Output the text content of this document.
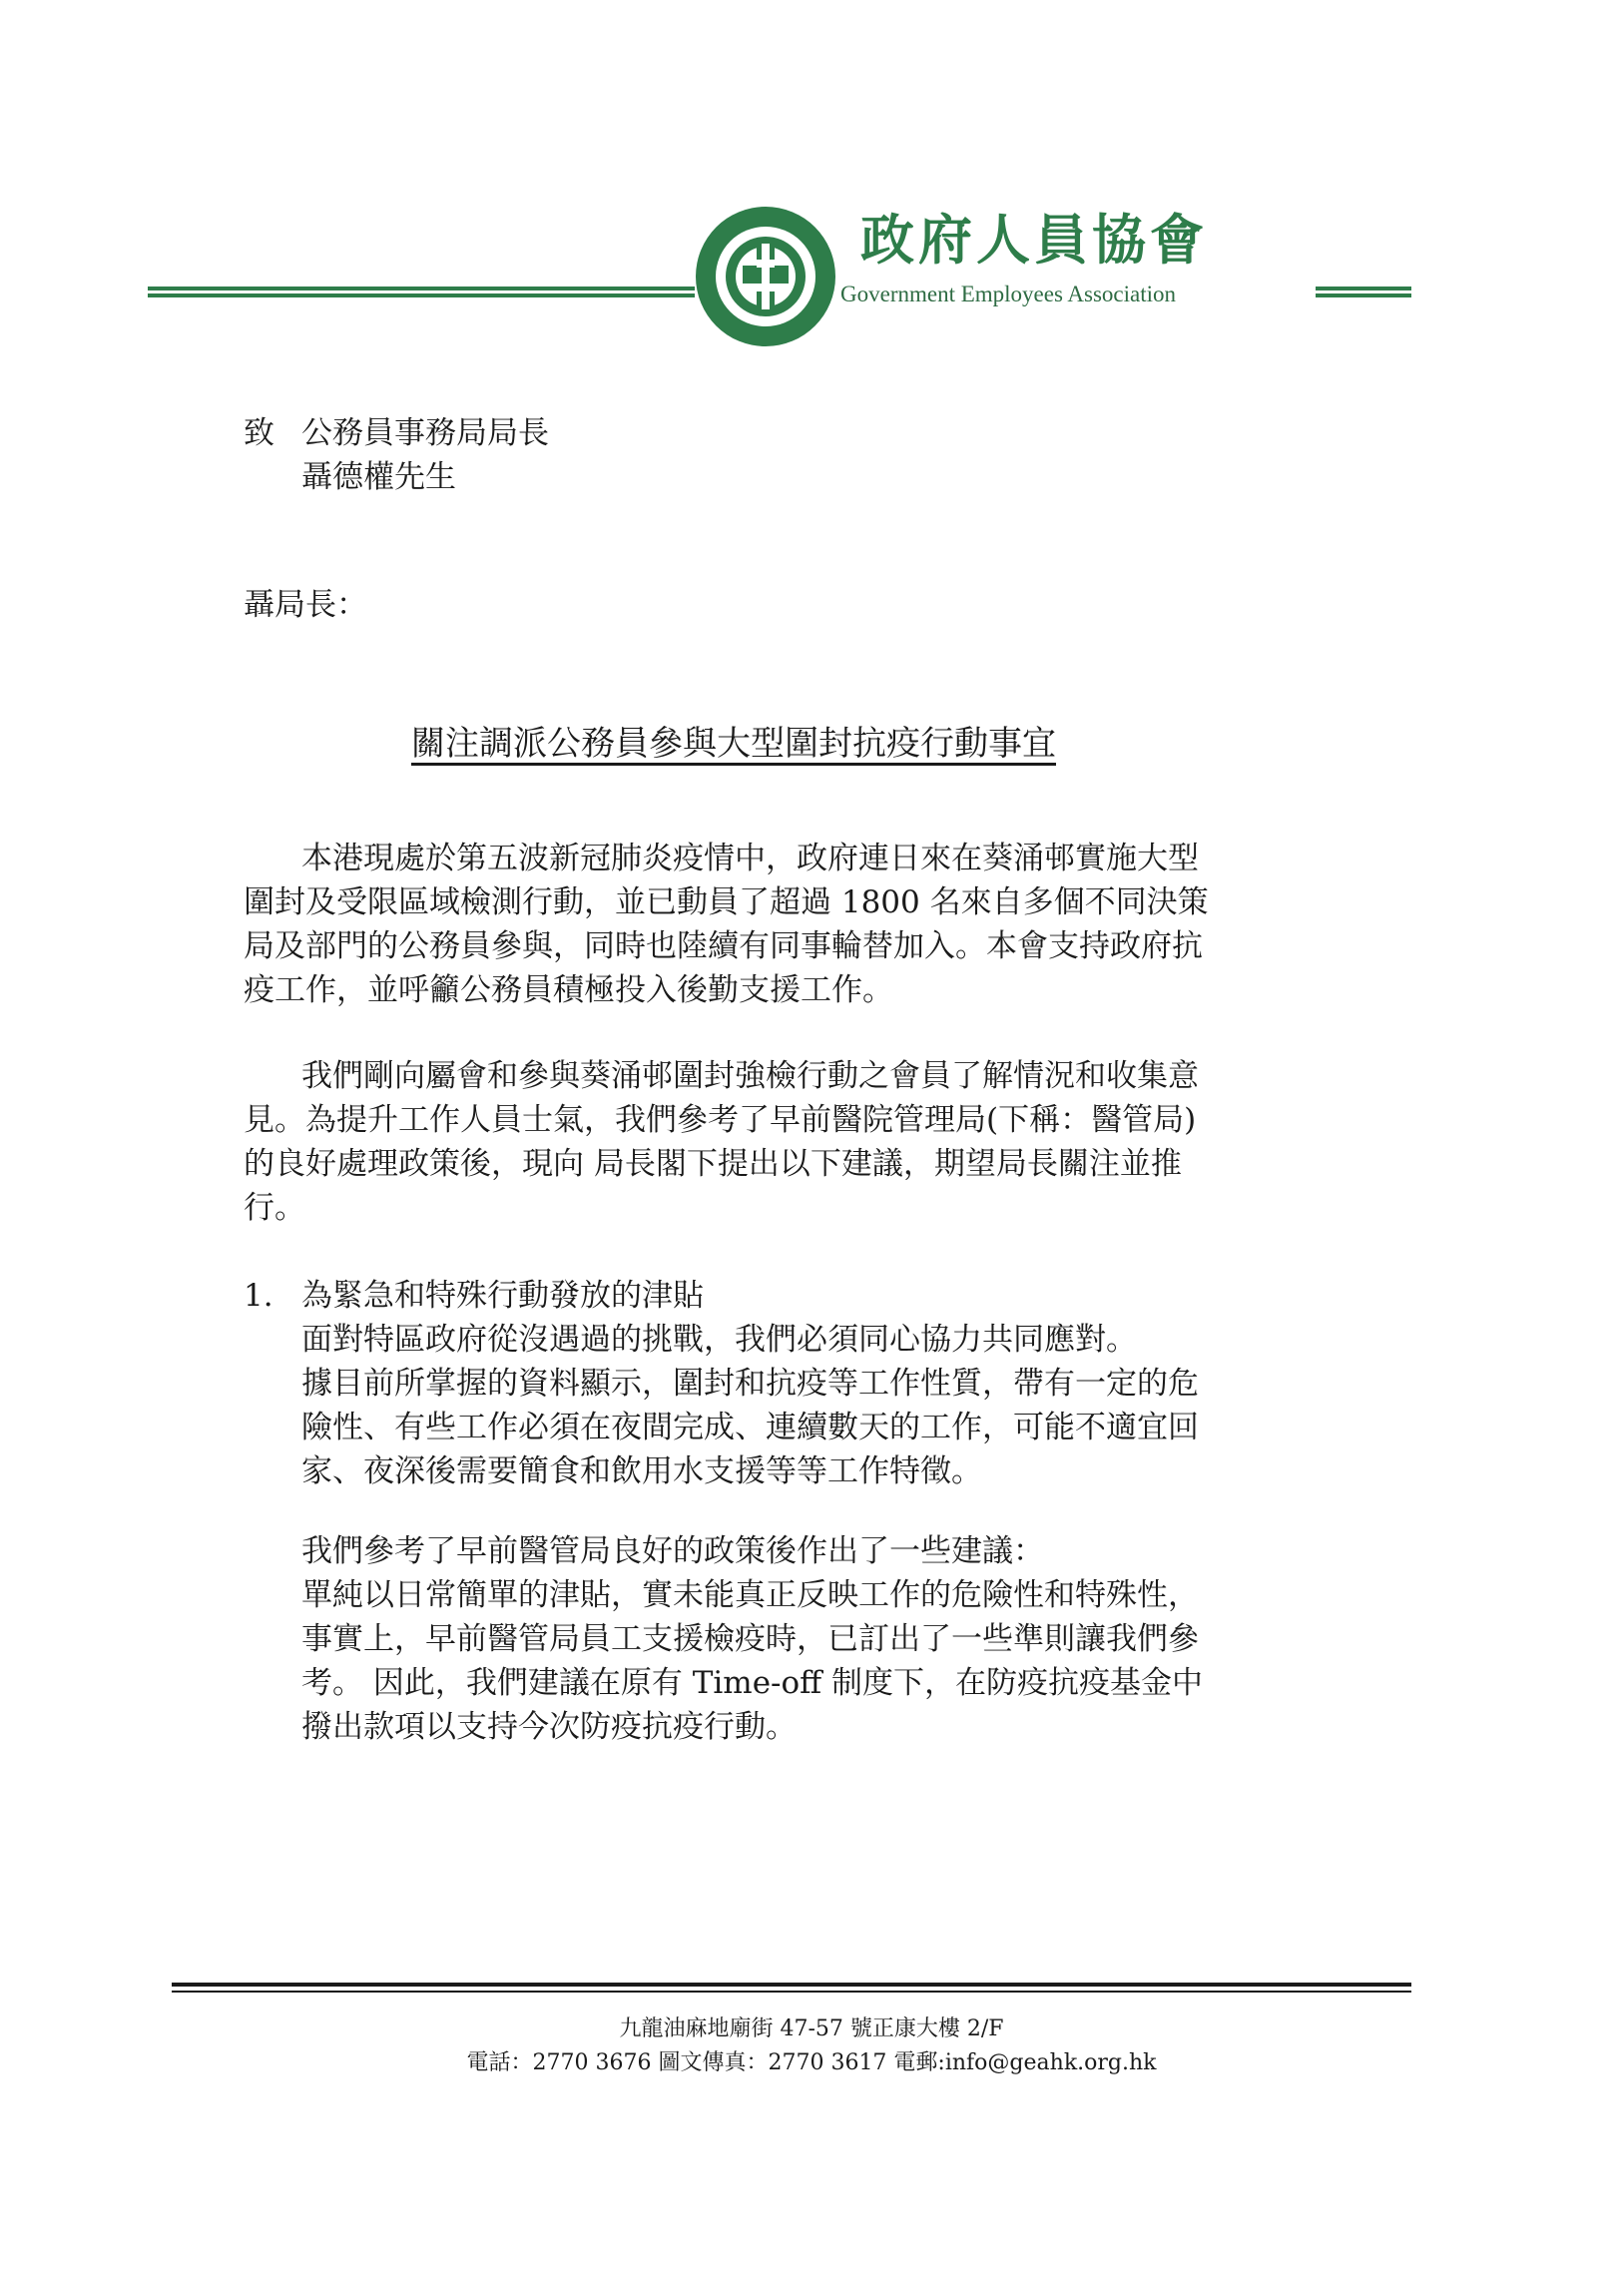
政府人員協會
Government Employees Association
致 公務員事務局局長
聶德權先生
聶局長：
關注調派公務員參與大型圍封抗疫行動事宜
本港現處於第五波新冠肺炎疫情中，政府連日來在葵涌邨實施大型
圍封及受限區域檢測行動，並已動員了超過 1800 名來自多個不同決策
局及部門的公務員參與，同時也陸續有同事輪替加入。本會支持政府抗
疫工作，並呼籲公務員積極投入後勤支援工作。
我們剛向屬會和參與葵涌邨圍封強檢行動之會員了解情況和收集意
見。為提升工作人員士氣，我們參考了早前醫院管理局(下稱：醫管局)
的良好處理政策後，現向 局長閣下提出以下建議，期望局長關注並推
行。
1. 為緊急和特殊行動發放的津貼
面對特區政府從沒遇過的挑戰，我們必須同心協力共同應對。
據目前所掌握的資料顯示，圍封和抗疫等工作性質，帶有一定的危
險性、有些工作必須在夜間完成、連續數天的工作，可能不適宜回
家、夜深後需要簡食和飲用水支援等等工作特徵。
我們參考了早前醫管局良好的政策後作出了一些建議：
單純以日常簡單的津貼，實未能真正反映工作的危險性和特殊性，
事實上，早前醫管局員工支援檢疫時，已訂出了一些準則讓我們參
考。 因此，我們建議在原有 Time-off 制度下，在防疫抗疫基金中
撥出款項以支持今次防疫抗疫行動。
九龍油麻地廟街 47-57 號正康大樓 2/F
電話：2770 3676 圖文傳真：2770 3617 電郵:info@geahk.org.hk
